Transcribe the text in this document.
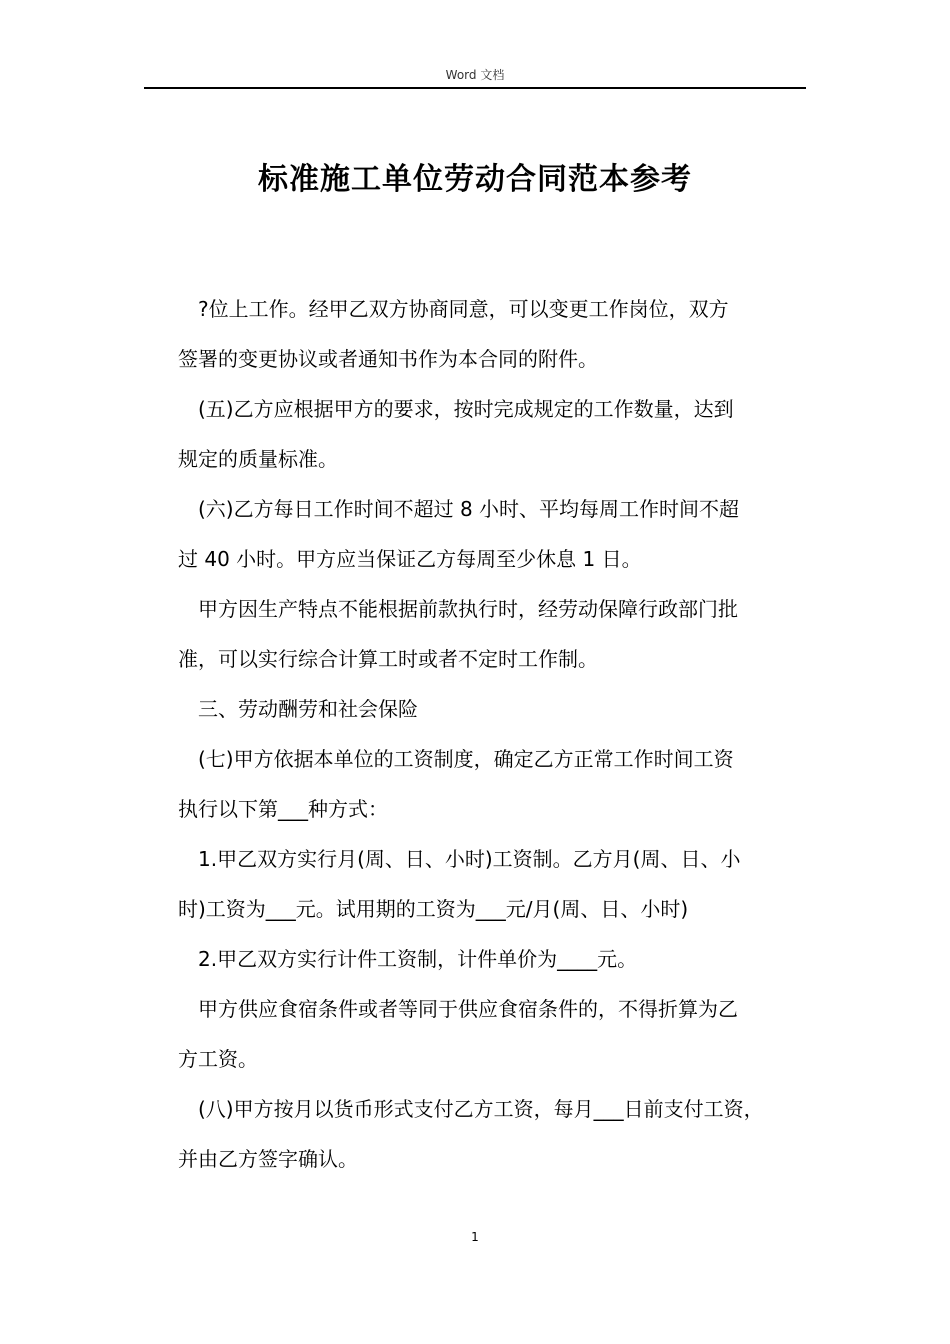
Word 文档
标准施工单位劳动合同范本参考

?位上工作。经甲乙双方协商同意，可以变更工作岗位，双方
签署的变更协议或者通知书作为本合同的附件。

(五)乙方应根据甲方的要求，按时完成规定的工作数量，达到
规定的质量标准。

(六)乙方每日工作时间不超过 8 小时、平均每周工作时间不超
过 40 小时。甲方应当保证乙方每周至少休息 1 日。

甲方因生产特点不能根据前款执行时，经劳动保障行政部门批
准，可以实行综合计算工时或者不定时工作制。

三、劳动酬劳和社会保险

(七)甲方依据本单位的工资制度，确定乙方正常工作时间工资
执行以下第___种方式：

1.甲乙双方实行月(周、日、小时)工资制。乙方月(周、日、小
时)工资为___元。试用期的工资为___元/月(周、日、小时)

2.甲乙双方实行计件工资制，计件单价为____元。

甲方供应食宿条件或者等同于供应食宿条件的，不得折算为乙
方工资。

(八)甲方按月以货币形式支付乙方工资，每月___日前支付工资，
并由乙方签字确认。

1
